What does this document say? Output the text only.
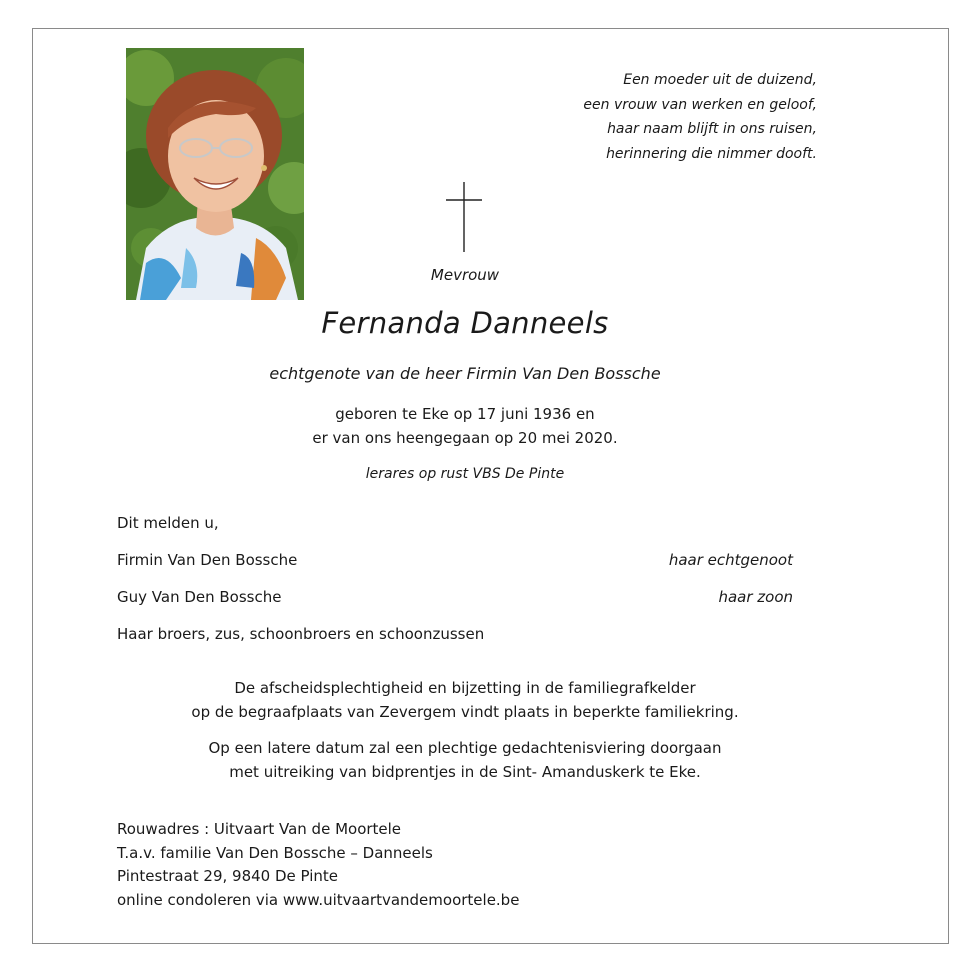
Een moeder uit de duizend,
een vrouw van werken en geloof,
haar naam blijft in ons ruisen,
herinnering die nimmer dooft.
Mevrouw
Fernanda Danneels
echtgenote van de heer Firmin Van Den Bossche
geboren te Eke op 17 juni 1936 en
er van ons heengegaan op 20 mei 2020.
lerares op rust VBS De Pinte
Dit melden u,
Firmin Van Den Bossche	haar echtgenoot
Guy Van Den Bossche	haar zoon
Haar broers, zus, schoonbroers en schoonzussen
De afscheidsplechtigheid en bijzetting in de familiegrafkelder
op de begraafplaats van Zevergem vindt plaats in beperkte familiekring.
Op een latere datum zal een plechtige gedachtenisviering doorgaan
met uitreiking van bidprentjes in de Sint- Amanduskerk te Eke.
Rouwadres : Uitvaart Van de Moortele
T.a.v. familie Van Den Bossche – Danneels
Pintestraat 29, 9840 De Pinte
online condoleren via www.uitvaartvandemoortele.be
